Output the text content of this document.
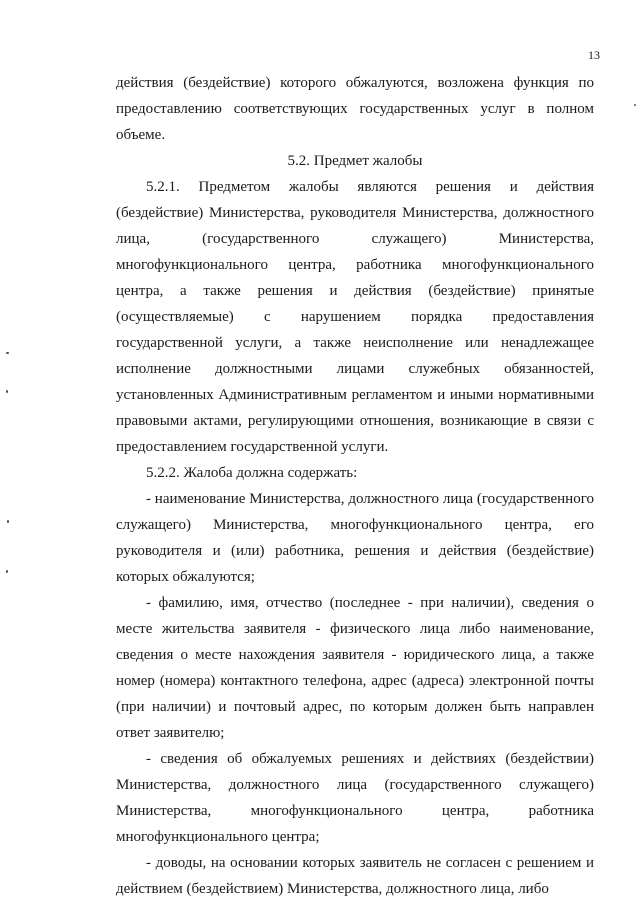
13

действия (бездействие) которого обжалуются, возложена функция по предоставлению соответствующих государственных услуг в полном объеме.

5.2. Предмет жалобы

5.2.1. Предметом жалобы являются решения и действия (бездействие) Министерства, руководителя Министерства, должностного лица, (государственного служащего) Министерства, многофункционального центра, работника многофункционального центра, а также решения и действия (бездействие) принятые (осуществляемые) с нарушением порядка предоставления государственной услуги, а также неисполнение или ненадлежащее исполнение должностными лицами служебных обязанностей, установленных Административным регламентом и иными нормативными правовыми актами, регулирующими отношения, возникающие в связи с предоставлением государственной услуги.

5.2.2. Жалоба должна содержать:

- наименование Министерства, должностного лица (государственного служащего) Министерства, многофункционального центра, его руководителя и (или) работника, решения и действия (бездействие) которых обжалуются;

- фамилию, имя, отчество (последнее - при наличии), сведения о месте жительства заявителя - физического лица либо наименование, сведения о месте нахождения заявителя - юридического лица, а также номер (номера) контактного телефона, адрес (адреса) электронной почты (при наличии) и почтовый адрес, по которым должен быть направлен ответ заявителю;

- сведения об обжалуемых решениях и действиях (бездействии) Министерства, должностного лица (государственного служащего) Министерства, многофункционального центра, работника многофункционального центра;

- доводы, на основании которых заявитель не согласен с решением и действием (бездействием) Министерства, должностного лица, либо
